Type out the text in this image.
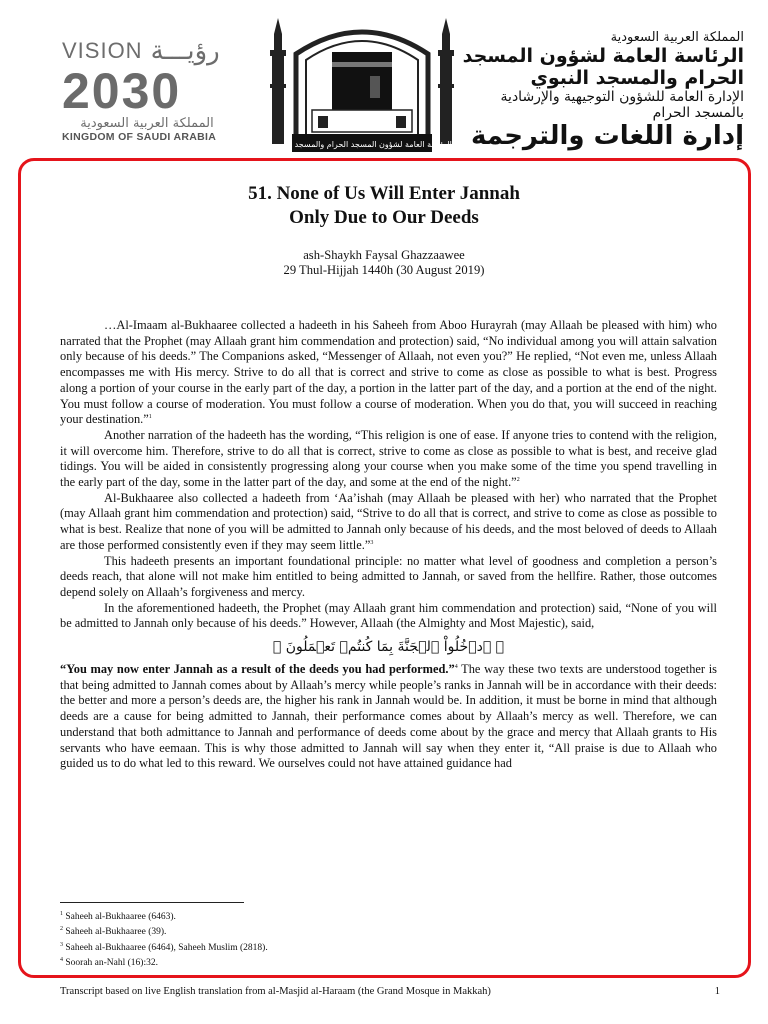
VISION رؤيـــة
2030
المملكة العربية السعودية
KINGDOM OF SAUDI ARABIA
الرئاسة العامة لشؤون المسجد الحرام والمسجد النبوي
المملكة العربية السعودية
الرئاسة العامة لشؤون المسجد الحرام والمسجد النبوي
الإدارة العامة للشؤون التوجيهية والإرشادية بالمسجد الحرام
إدارة اللغات والترجمة
51. None of Us Will Enter Jannah
Only Due to Our Deeds
ash-Shaykh Faysal Ghazzaawee
29 Thul-Hijjah 1440h (30 August 2019)

…Al-Imaam al-Bukhaaree collected a hadeeth in his Saheeh from Aboo Hurayrah (may Allaah be pleased with him) who narrated that the Prophet (may Allaah grant him commendation and protection) said, “No individual among you will attain salvation only because of his deeds.” The Companions asked, “Messenger of Allaah, not even you?” He replied, “Not even me, unless Allaah encompasses me with His mercy. Strive to do all that is correct and strive to come as close as possible to what is best. Progress along a portion of your course in the early part of the day, a portion in the latter part of the day, and a portion at the end of the night. You must follow a course of moderation. You must follow a course of moderation. When you do that, you will succeed in reaching your destination.”$^1$

Another narration of the hadeeth has the wording, “This religion is one of ease. If anyone tries to contend with the religion, it will overcome him. Therefore, strive to do all that is correct, strive to come as close as possible to what is best, and receive glad tidings. You will be aided in consistently progressing along your course when you make some of the time you spend travelling in the early part of the day, some in the latter part of the day, and some at the end of the night.”$^2$

Al-Bukhaaree also collected a hadeeth from ‘Aa’ishah (may Allaah be pleased with her) who narrated that the Prophet (may Allaah grant him commendation and protection) said, “Strive to do all that is correct, and strive to come as close as possible to what is best. Realize that none of you will be admitted to Jannah only because of his deeds, and the most beloved of deeds to Allaah are those performed consistently even if they may seem little.”$^3$

This hadeeth presents an important foundational principle: no matter what level of goodness and completion a person’s deeds reach, that alone will not make him entitled to being admitted to Jannah, or saved from the hellfire. Rather, those outcomes depend solely on Allaah’s forgiveness and mercy.

In the aforementioned hadeeth, the Prophet (may Allaah grant him commendation and protection) said, “None of you will be admitted to Jannah only because of his deeds.” However, Allaah (the Almighty and Most Majestic), said,

﴿ ٱدۡخُلُواْ ٱلۡجَنَّةَ بِمَا كُنتُمۡ تَعۡمَلُونَ ﴾

“You may now enter Jannah as a result of the deeds you had performed.”$^4$ The way these two texts are understood together is that being admitted to Jannah comes about by Allaah’s mercy while people’s ranks in Jannah will be in accordance with their deeds: the better and more a person’s deeds are, the higher his rank in Jannah would be. In addition, it must be borne in mind that although deeds are a cause for being admitted to Jannah, their performance comes about by Allaah’s mercy as well. Therefore, we can understand that both admittance to Jannah and performance of deeds come about by the grace and mercy that Allaah grants to His servants who have eemaan. This is why those admitted to Jannah will say when they enter it, “All praise is due to Allaah who guided us to do what led to this reward. We ourselves could not have attained guidance had

$^1$ Saheeh al-Bukhaaree (6463).
$^2$ Saheeh al-Bukhaaree (39).
$^3$ Saheeh al-Bukhaaree (6464), Saheeh Muslim (2818).
$^4$ Soorah an-Nahl (16):32.
Transcript based on live English translation from al-Masjid al-Haraam (the Grand Mosque in Makkah)	1
